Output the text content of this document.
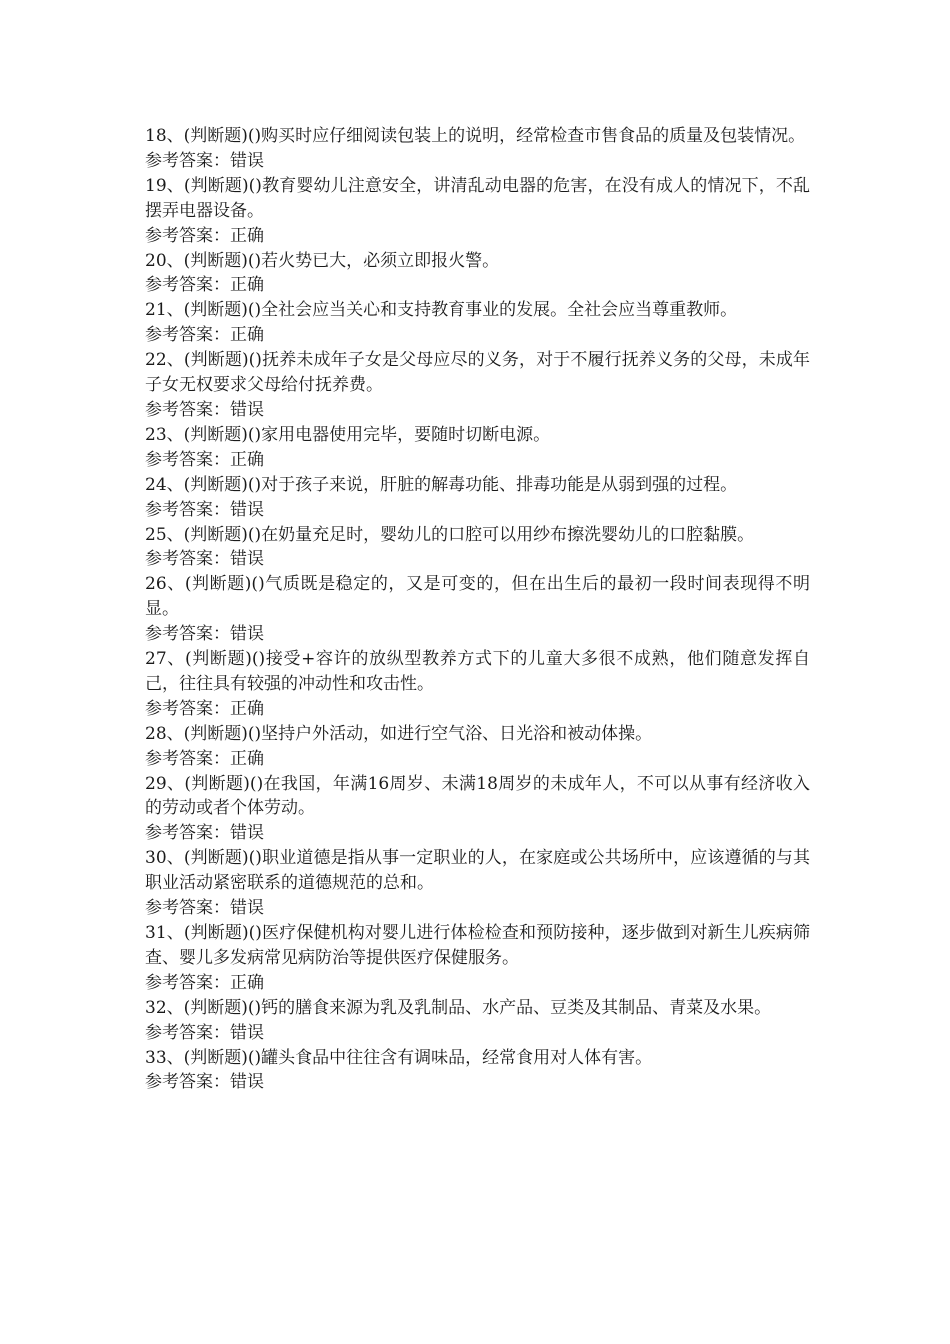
18、(判断题)()购买时应仔细阅读包装上的说明，经常检查市售食品的质量及包装情况。

参考答案：错误

19、(判断题)()教育婴幼儿注意安全，讲清乱动电器的危害，在没有成人的情况下，不乱摆弄电器设备。

参考答案：正确

20、(判断题)()若火势已大，必须立即报火警。

参考答案：正确

21、(判断题)()全社会应当关心和支持教育事业的发展。全社会应当尊重教师。

参考答案：正确

22、(判断题)()抚养未成年子女是父母应尽的义务，对于不履行抚养义务的父母，未成年子女无权要求父母给付抚养费。

参考答案：错误

23、(判断题)()家用电器使用完毕，要随时切断电源。

参考答案：正确

24、(判断题)()对于孩子来说，肝脏的解毒功能、排毒功能是从弱到强的过程。

参考答案：错误

25、(判断题)()在奶量充足时，婴幼儿的口腔可以用纱布擦洗婴幼儿的口腔黏膜。

参考答案：错误

26、(判断题)()气质既是稳定的，又是可变的，但在出生后的最初一段时间表现得不明显。

参考答案：错误

27、(判断题)()接受+容许的放纵型教养方式下的儿童大多很不成熟，他们随意发挥自己，往往具有较强的冲动性和攻击性。

参考答案：正确

28、(判断题)()坚持户外活动，如进行空气浴、日光浴和被动体操。

参考答案：正确

29、(判断题)()在我国，年满16周岁、未满18周岁的未成年人，不可以从事有经济收入的劳动或者个体劳动。

参考答案：错误

30、(判断题)()职业道德是指从事一定职业的人，在家庭或公共场所中，应该遵循的与其职业活动紧密联系的道德规范的总和。

参考答案：错误

31、(判断题)()医疗保健机构对婴儿进行体检检查和预防接种，逐步做到对新生儿疾病筛查、婴儿多发病常见病防治等提供医疗保健服务。

参考答案：正确

32、(判断题)()钙的膳食来源为乳及乳制品、水产品、豆类及其制品、青菜及水果。

参考答案：错误

33、(判断题)()罐头食品中往往含有调味品，经常食用对人体有害。

参考答案：错误
